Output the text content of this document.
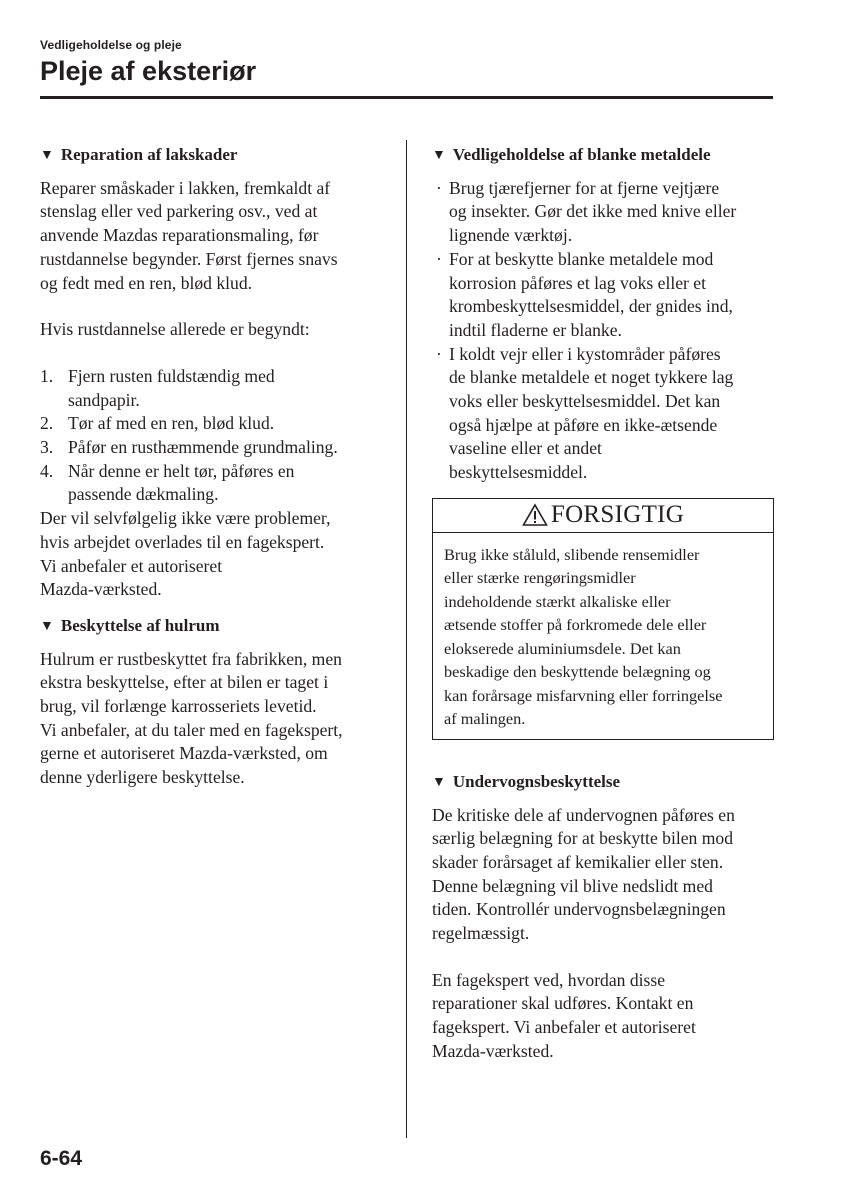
Vedligeholdelse og pleje
Pleje af eksteriør
▼ Reparation af lakskader

Reparer småskader i lakken, fremkaldt af
stenslag eller ved parkering osv., ved at
anvende Mazdas reparationsmaling, før
rustdannelse begynder. Først fjernes snavs
og fedt med en ren, blød klud.

Hvis rustdannelse allerede er begyndt:

1. Fjern rusten fuldstændig med
sandpapir.
2. Tør af med en ren, blød klud.
3. Påfør en rusthæmmende grundmaling.
4. Når denne er helt tør, påføres en
passende dækmaling.

Der vil selvfølgelig ikke være problemer,
hvis arbejdet overlades til en fagekspert.
Vi anbefaler et autoriseret
Mazda-værksted.

▼ Beskyttelse af hulrum

Hulrum er rustbeskyttet fra fabrikken, men
ekstra beskyttelse, efter at bilen er taget i
brug, vil forlænge karrosseriets levetid.
Vi anbefaler, at du taler med en fagekspert,
gerne et autoriseret Mazda-værksted, om
denne yderligere beskyttelse.

▼ Vedligeholdelse af blanke metaldele
· Brug tjærefjerner for at fjerne vejtjære
og insekter. Gør det ikke med knive eller
lignende værktøj.
· For at beskytte blanke metaldele mod
korrosion påføres et lag voks eller et
krombeskyttelsesmiddel, der gnides ind,
indtil fladerne er blanke.
· I koldt vejr eller i kystområder påføres
de blanke metaldele et noget tykkere lag
voks eller beskyttelsesmiddel. Det kan
også hjælpe at påføre en ikke-ætsende
vaseline eller et andet
beskyttelsesmiddel.
FORSIGTIG
Brug ikke ståluld, slibende rensemidler
eller stærke rengøringsmidler
indeholdende stærkt alkaliske eller
ætsende stoffer på forkromede dele eller
elokserede aluminiumsdele. Det kan
beskadige den beskyttende belægning og
kan forårsage misfarvning eller forringelse
af malingen.
▼ Undervognsbeskyttelse

De kritiske dele af undervognen påføres en
særlig belægning for at beskytte bilen mod
skader forårsaget af kemikalier eller sten.
Denne belægning vil blive nedslidt med
tiden. Kontrollér undervognsbelægningen
regelmæssigt.

En fagekspert ved, hvordan disse
reparationer skal udføres. Kontakt en
fagekspert. Vi anbefaler et autoriseret
Mazda-værksted.

6-64
